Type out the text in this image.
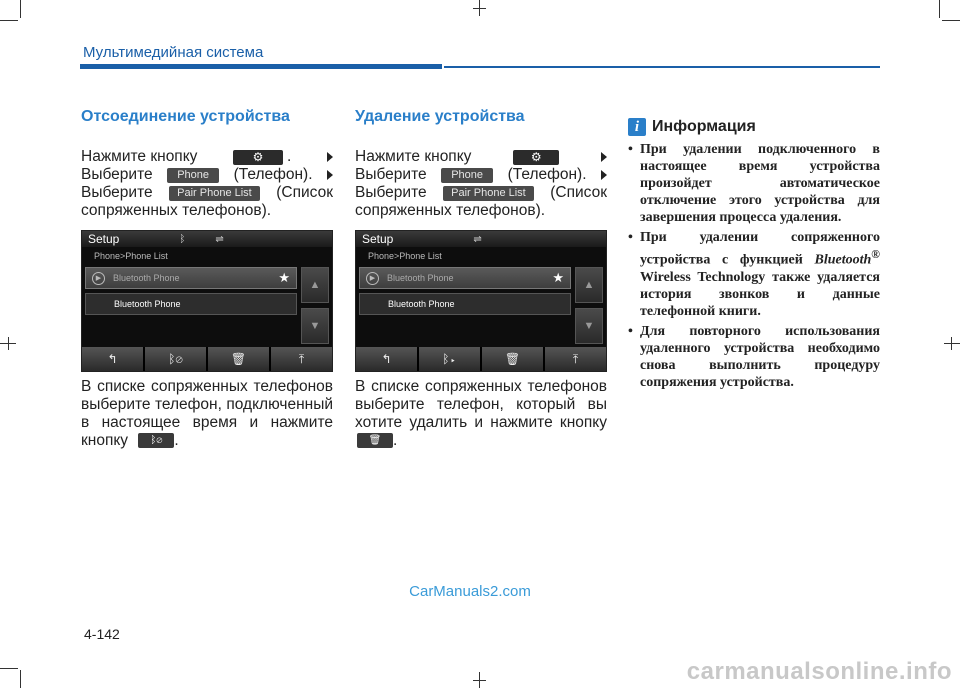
Мультимедийная система
Отсоединение устройства
Нажмите кнопку	⚙ .
Выберите	Phone	(Телефон).
Выберите	Pair Phone List	(Список
сопряженных телефонов).
Setup	ᛒ	⇌
Phone>Phone List
▶	Bluetooth Phone	★
Bluetooth Phone
▲
▼
↰	ᛒ⊘	🗑	⤒
В списке сопряженных телефонов выберите телефон, подключенный в настоящее время и нажмите кнопку ᛒ⊘ .
Удаление устройства
Нажмите кнопку	⚙
Выберите	Phone	(Телефон).
Выберите	Pair Phone List	(Список
сопряженных телефонов).
Setup	⇌
Phone>Phone List
▶	Bluetooth Phone	★
Bluetooth Phone
▲
▼
↰	ᛒ▸	🗑	⤒
В списке сопряженных телефонов выберите телефон, который вы хотите удалить и нажмите кнопку
🗑 .
i Информация
• При удалении подключенного в настоящее время устройства произойдет автоматическое отключение этого устройства для завершения процесса удаления.
• При удалении сопряженного устройства с функцией Bluetooth® Wireless Technology также удаляется история звонков и данные телефонной книги.
• Для повторного использования удаленного устройства необходимо снова выполнить процедуру сопряжения устройства.
CarManuals2.com
4-142
carmanualsonline.info
